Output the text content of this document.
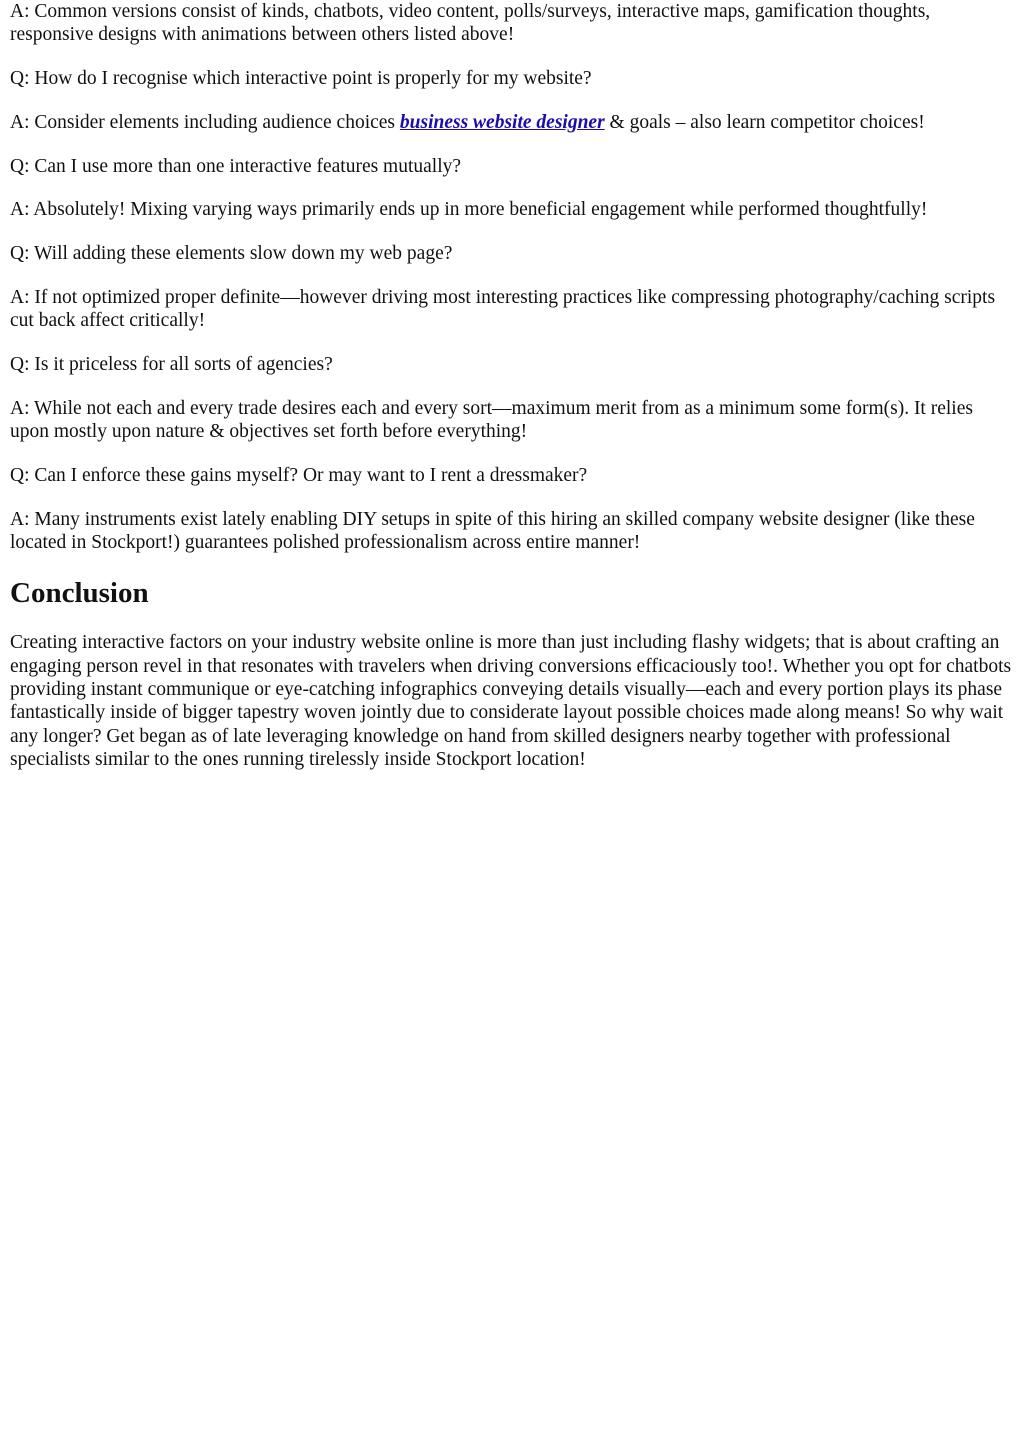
A: Common versions consist of kinds, chatbots, video content, polls/surveys, interactive maps, gamification thoughts, responsive designs with animations between others listed above!

Q: How do I recognise which interactive point is properly for my website?

A: Consider elements including audience choices business website designer & goals – also learn competitor choices!

Q: Can I use more than one interactive features mutually?

A: Absolutely! Mixing varying ways primarily ends up in more beneficial engagement while performed thoughtfully!

Q: Will adding these elements slow down my web page?

A: If not optimized proper definite—however driving most interesting practices like compressing photography/caching scripts cut back affect critically!

Q: Is it priceless for all sorts of agencies?

A: While not each and every trade desires each and every sort—maximum merit from as a minimum some form(s). It relies upon mostly upon nature & objectives set forth before everything!

Q: Can I enforce these gains myself? Or may want to I rent a dressmaker?

A: Many instruments exist lately enabling DIY setups in spite of this hiring an skilled company website designer (like these located in Stockport!) guarantees polished professionalism across entire manner!

Conclusion

Creating interactive factors on your industry website online is more than just including flashy widgets; that is about crafting an engaging person revel in that resonates with travelers when driving conversions efficaciously too!. Whether you opt for chatbots providing instant communique or eye-catching infographics conveying details visually—each and every portion plays its phase fantastically inside of bigger tapestry woven jointly due to considerate layout possible choices made along means! So why wait any longer? Get began as of late leveraging knowledge on hand from skilled designers nearby together with professional specialists similar to the ones running tirelessly inside Stockport location!
